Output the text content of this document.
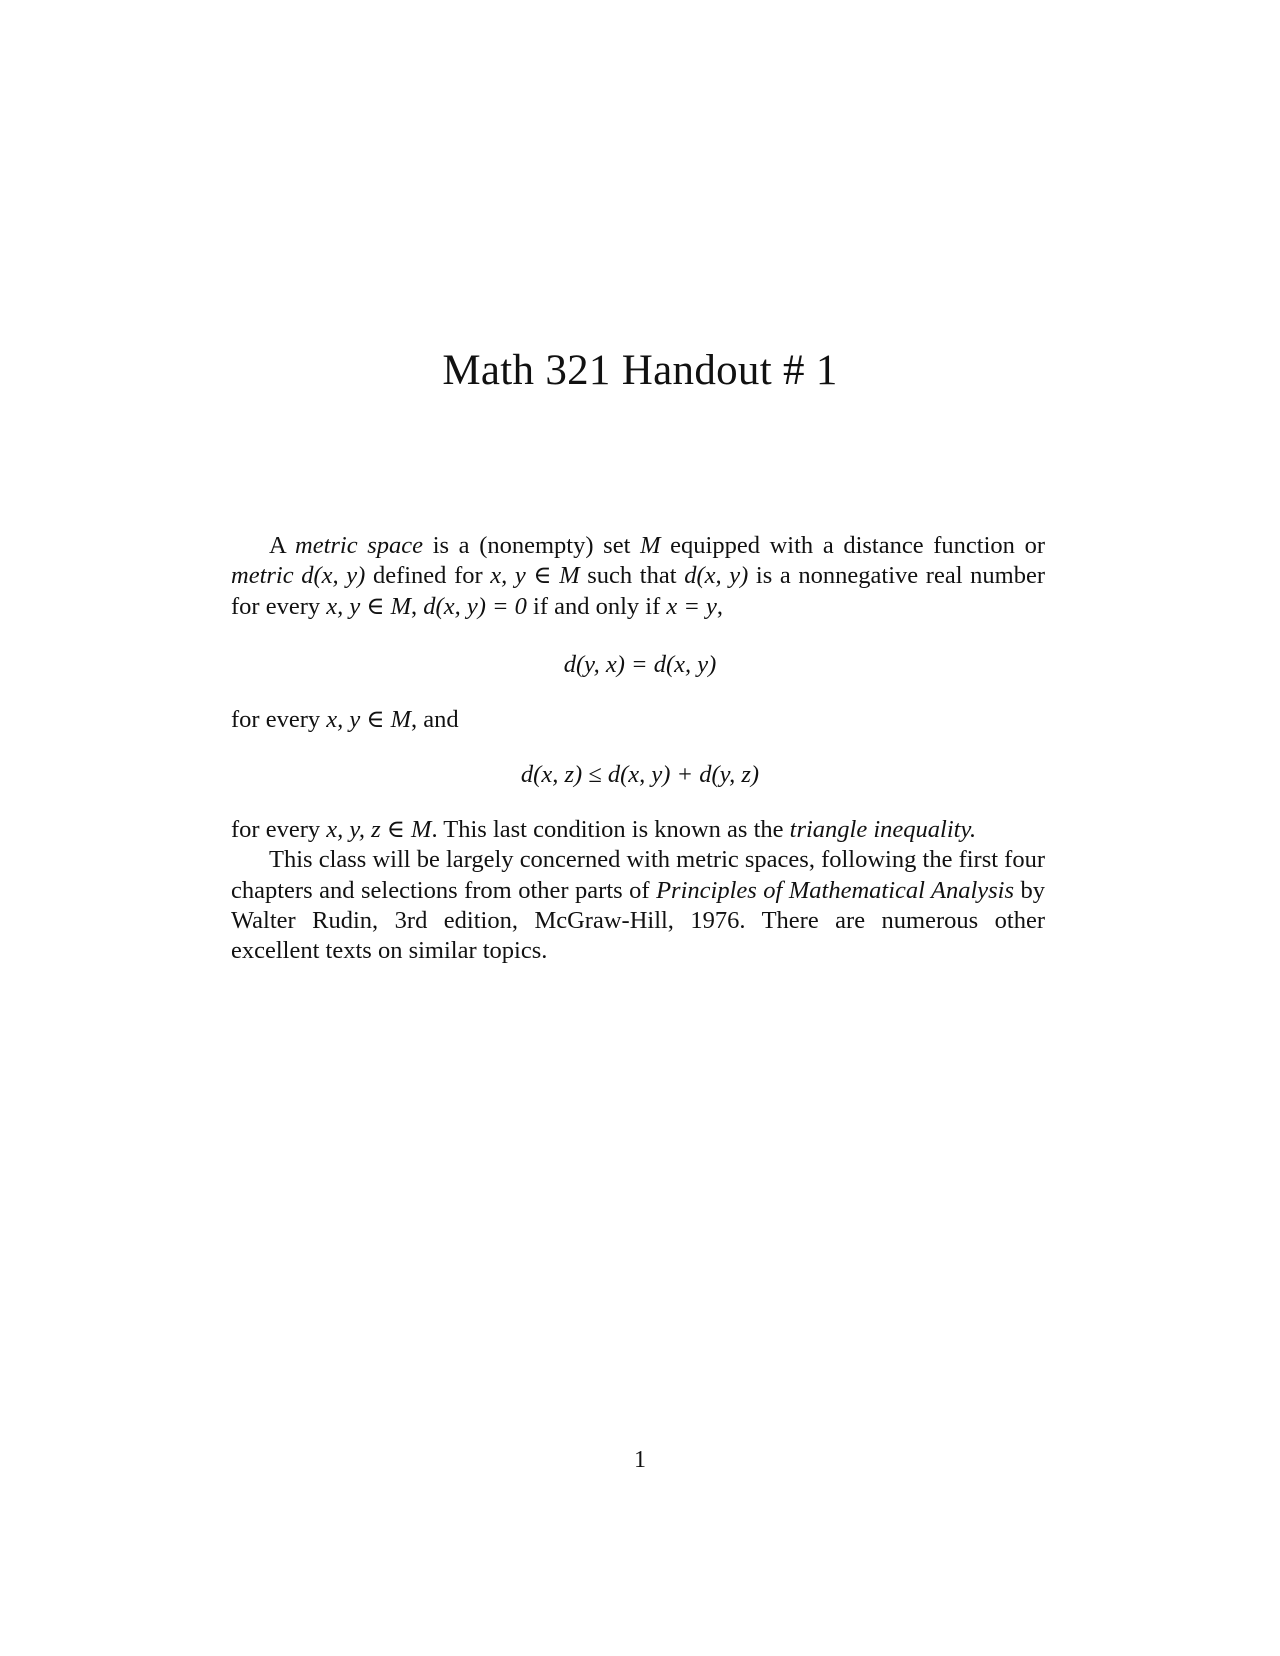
Math 321 Handout # 1

A metric space is a (nonempty) set M equipped with a distance function or metric d(x, y) defined for x, y ∈ M such that d(x, y) is a nonnegative real number for every x, y ∈ M, d(x, y) = 0 if and only if x = y,

d(y, x) = d(x, y)
for every x, y ∈ M, and
d(x, z) ≤ d(x, y) + d(y, z)

for every x, y, z ∈ M. This last condition is known as the triangle inequality.

This class will be largely concerned with metric spaces, following the first four chapters and selections from other parts of Principles of Mathematical Analysis by Walter Rudin, 3rd edition, McGraw-Hill, 1976. There are numerous other excellent texts on similar topics.

1
